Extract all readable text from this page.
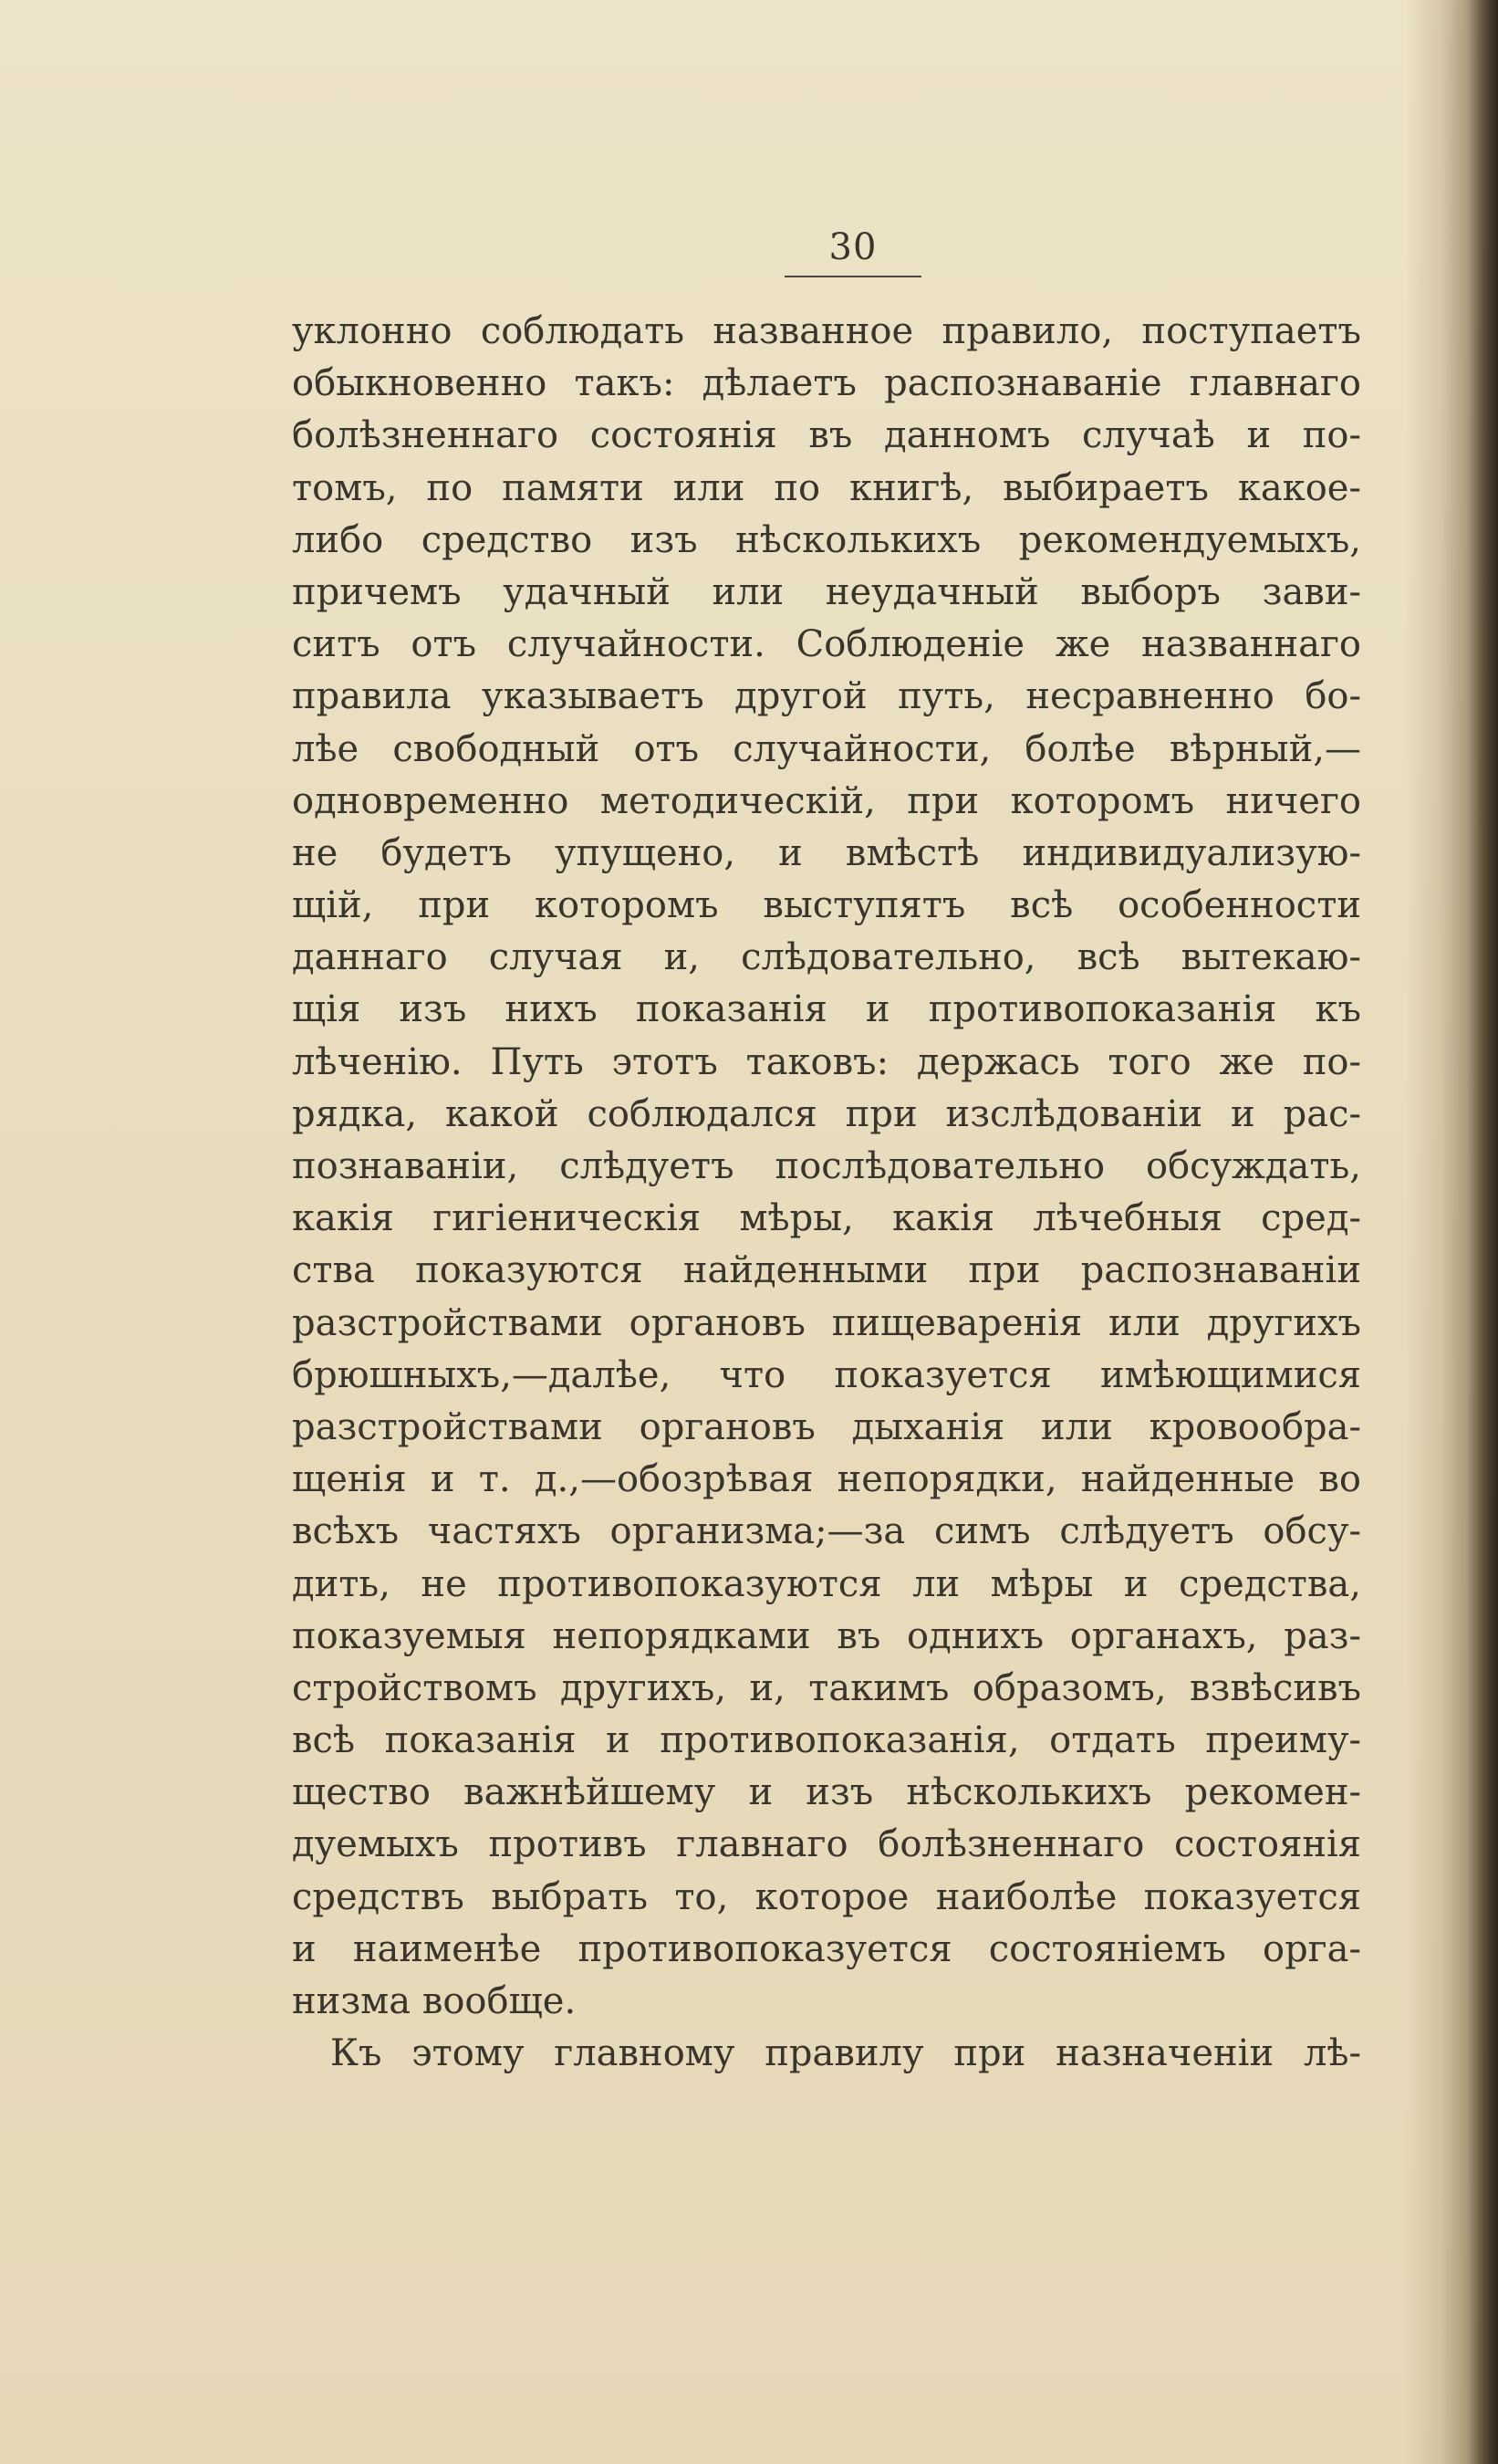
30
уклонно соблюдать названное правило, поступаетъ
обыкновенно такъ: дѣлаетъ распознаванiе главнаго
болѣзненнаго состоянiя въ данномъ случаѣ и по-
томъ, по памяти или по книгѣ, выбираетъ какое-
либо средство изъ нѣсколькихъ рекомендуемыхъ,
причемъ удачный или неудачный выборъ зави-
ситъ отъ случайности. Соблюденiе же названнаго
правила указываетъ другой путь, несравненно бо-
лѣе свободный отъ случайности, болѣе вѣрный,—
одновременно методическiй, при которомъ ничего
не будетъ упущено, и вмѣстѣ индивидуализую-
щiй, при которомъ выступятъ всѣ особенности
даннаго случая и, слѣдовательно, всѣ вытекаю-
щiя изъ нихъ показанiя и противопоказанiя къ
лѣченiю. Путь этотъ таковъ: держась того же по-
рядка, какой соблюдался при изслѣдованiи и рас-
познаванiи, слѣдуетъ послѣдовательно обсуждать,
какiя гигiеническiя мѣры, какiя лѣчебныя сред-
ства показуются найденными при распознаванiи
разстройствами органовъ пищеваренiя или другихъ
брюшныхъ,—далѣе, что показуется имѣющимися
разстройствами органовъ дыханiя или кровообра-
щенiя и т. д.,—обозрѣвая непорядки, найденные во
всѣхъ частяхъ организма;—за симъ слѣдуетъ обсу-
дить, не противопоказуются ли мѣры и средства,
показуемыя непорядками въ однихъ органахъ, раз-
стройствомъ другихъ, и, такимъ образомъ, взвѣсивъ
всѣ показанiя и противопоказанiя, отдать преиму-
щество важнѣйшему и изъ нѣсколькихъ рекомен-
дуемыхъ противъ главнаго болѣзненнаго состоянiя
средствъ выбрать то, которое наиболѣе показуется
и наименѣе противопоказуется состоянiемъ орга-
низма вообще.
Къ этому главному правилу при назначенiи лѣ-
